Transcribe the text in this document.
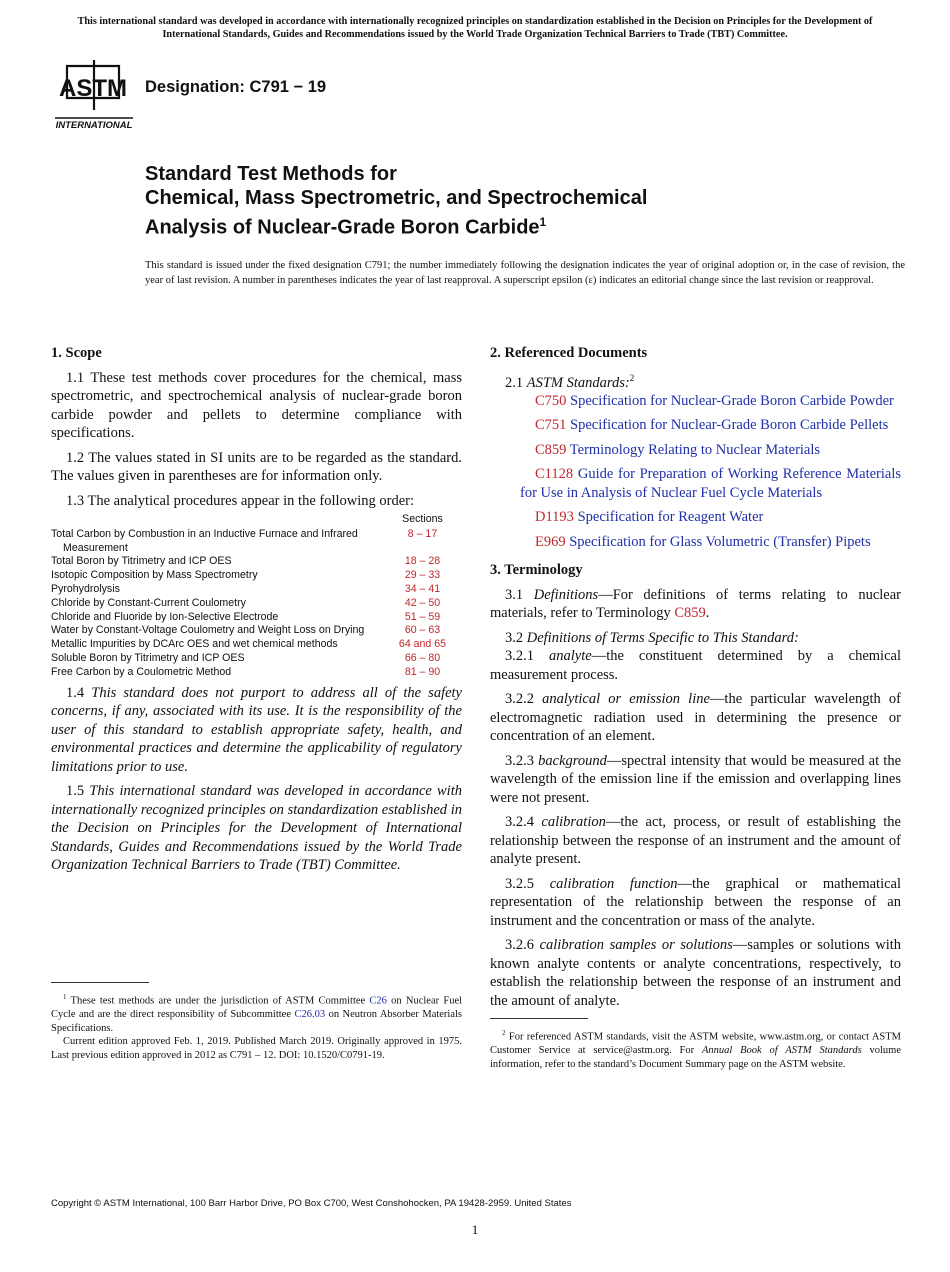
This international standard was developed in accordance with internationally recognized principles on standardization established in the Decision on Principles for the Development of International Standards, Guides and Recommendations issued by the World Trade Organization Technical Barriers to Trade (TBT) Committee.
ASTM
INTERNATIONAL
Designation: C791 − 19
Standard Test Methods for
Chemical, Mass Spectrometric, and Spectrochemical
Analysis of Nuclear-Grade Boron Carbide$^1$

This standard is issued under the fixed designation C791; the number immediately following the designation indicates the year of original adoption or, in the case of revision, the year of last revision. A number in parentheses indicates the year of last reapproval. A superscript epsilon (ε) indicates an editorial change since the last revision or reapproval.

1. Scope

1.1 These test methods cover procedures for the chemical, mass spectrometric, and spectrochemical analysis of nuclear-grade boron carbide powder and pellets to determine compliance with specifications.

1.2 The values stated in SI units are to be regarded as the standard. The values given in parentheses are for information only.

1.3 The analytical procedures appear in the following order:

	Sections
Total Carbon by Combustion in an Inductive Furnace and Infrared Measurement	8 – 17
Total Boron by Titrimetry and ICP OES	18 – 28
Isotopic Composition by Mass Spectrometry	29 – 33
Pyrohydrolysis	34 – 41
Chloride by Constant-Current Coulometry	42 – 50
Chloride and Fluoride by Ion-Selective Electrode	51 – 59
Water by Constant-Voltage Coulometry and Weight Loss on Drying	60 – 63
Metallic Impurities by DCArc OES and wet chemical methods	64 and 65
Soluble Boron by Titrimetry and ICP OES	66 – 80
Free Carbon by a Coulometric Method	81 – 90

1.4 This standard does not purport to address all of the safety concerns, if any, associated with its use. It is the responsibility of the user of this standard to establish appropriate safety, health, and environmental practices and determine the applicability of regulatory limitations prior to use.

1.5 This international standard was developed in accordance with internationally recognized principles on standardization established in the Decision on Principles for the Development of International Standards, Guides and Recommendations issued by the World Trade Organization Technical Barriers to Trade (TBT) Committee.

2. Referenced Documents

2.1 ASTM Standards:$^2$

C750 Specification for Nuclear-Grade Boron Carbide Powder

C751 Specification for Nuclear-Grade Boron Carbide Pellets

C859 Terminology Relating to Nuclear Materials

C1128 Guide for Preparation of Working Reference Materials for Use in Analysis of Nuclear Fuel Cycle Materials

D1193 Specification for Reagent Water

E969 Specification for Glass Volumetric (Transfer) Pipets

3. Terminology

3.1 Definitions—For definitions of terms relating to nuclear materials, refer to Terminology C859.

3.2 Definitions of Terms Specific to This Standard:

3.2.1 analyte—the constituent determined by a chemical measurement process.

3.2.2 analytical or emission line—the particular wavelength of electromagnetic radiation used in determining the presence or concentration of an element.

3.2.3 background—spectral intensity that would be measured at the wavelength of the emission line if the emission and overlapping lines were not present.

3.2.4 calibration—the act, process, or result of establishing the relationship between the response of an instrument and the amount of analyte present.

3.2.5 calibration function—the graphical or mathematical representation of the relationship between the response of an instrument and the concentration or mass of the analyte.

3.2.6 calibration samples or solutions—samples or solutions with known analyte contents or analyte concentrations, respectively, to establish the relationship between the response of an instrument and the amount of analyte.

$^1$ These test methods are under the jurisdiction of ASTM Committee C26 on Nuclear Fuel Cycle and are the direct responsibility of Subcommittee C26.03 on Neutron Absorber Materials Specifications.

Current edition approved Feb. 1, 2019. Published March 2019. Originally approved in 1975. Last previous edition approved in 2012 as C791 – 12. DOI: 10.1520/C0791-19.

$^2$ For referenced ASTM standards, visit the ASTM website, www.astm.org, or contact ASTM Customer Service at service@astm.org. For Annual Book of ASTM Standards volume information, refer to the standard’s Document Summary page on the ASTM website.

Copyright © ASTM International, 100 Barr Harbor Drive, PO Box C700, West Conshohocken, PA 19428-2959. United States
1
